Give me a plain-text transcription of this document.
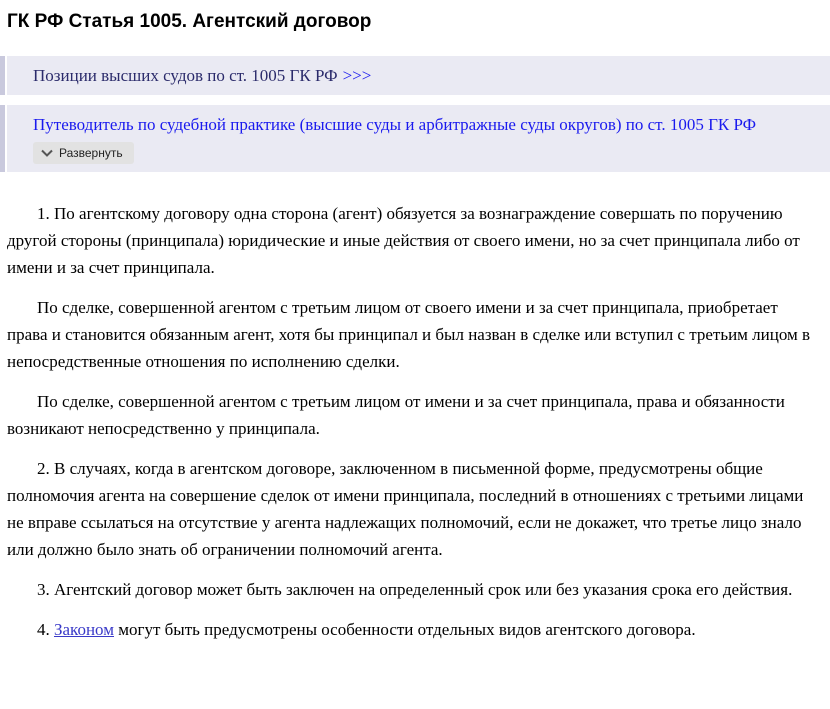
ГК РФ Статья 1005. Агентский договор
Позиции высших судов по ст. 1005 ГК РФ >>>
Путеводитель по судебной практике (высшие суды и арбитражные суды округов) по ст. 1005 ГК РФ
Развернуть

1. По агентскому договору одна сторона (агент) обязуется за вознаграждение совершать по поручению другой стороны (принципала) юридические и иные действия от своего имени, но за счет принципала либо от имени и за счет принципала.

По сделке, совершенной агентом с третьим лицом от своего имени и за счет принципала, приобретает права и становится обязанным агент, хотя бы принципал и был назван в сделке или вступил с третьим лицом в непосредственные отношения по исполнению сделки.

По сделке, совершенной агентом с третьим лицом от имени и за счет принципала, права и обязанности возникают непосредственно у принципала.

2. В случаях, когда в агентском договоре, заключенном в письменной форме, предусмотрены общие полномочия агента на совершение сделок от имени принципала, последний в отношениях с третьими лицами не вправе ссылаться на отсутствие у агента надлежащих полномочий, если не докажет, что третье лицо знало или должно было знать об ограничении полномочий агента.

3. Агентский договор может быть заключен на определенный срок или без указания срока его действия.

4. Законом могут быть предусмотрены особенности отдельных видов агентского договора.
